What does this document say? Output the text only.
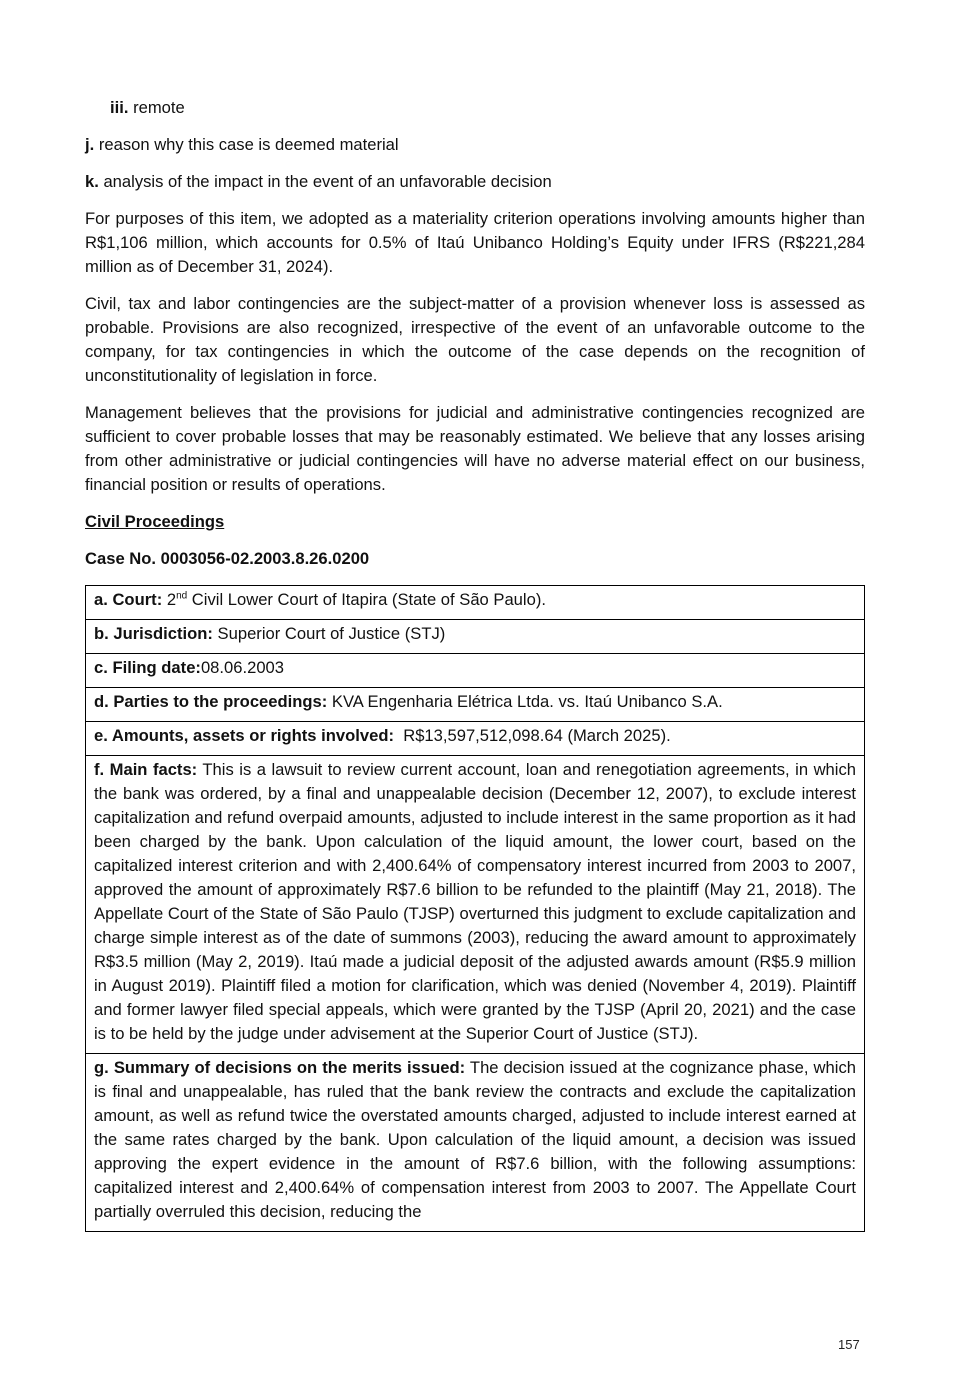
iii. remote

j. reason why this case is deemed material

k. analysis of the impact in the event of an unfavorable decision

For purposes of this item, we adopted as a materiality criterion operations involving amounts higher than R$1,106 million, which accounts for 0.5% of Itaú Unibanco Holding’s Equity under IFRS (R$221,284 million as of December 31, 2024).

Civil, tax and labor contingencies are the subject-matter of a provision whenever loss is assessed as probable. Provisions are also recognized, irrespective of the event of an unfavorable outcome to the company, for tax contingencies in which the outcome of the case depends on the recognition of unconstitutionality of legislation in force.

Management believes that the provisions for judicial and administrative contingencies recognized are sufficient to cover probable losses that may be reasonably estimated. We believe that any losses arising from other administrative or judicial contingencies will have no adverse material effect on our business, financial position or results of operations.

Civil Proceedings
Case No. 0003056-02.2003.8.26.0200
a. Court: 2nd Civil Lower Court of Itapira (State of São Paulo).
b. Jurisdiction: Superior Court of Justice (STJ)
c. Filing date:08.06.2003
d. Parties to the proceedings: KVA Engenharia Elétrica Ltda. vs. Itaú Unibanco S.A.
e. Amounts, assets or rights involved:  R$13,597,512,098.64 (March 2025).
f. Main facts: This is a lawsuit to review current account, loan and renegotiation agreements, in which the bank was ordered, by a final and unappealable decision (December 12, 2007), to exclude interest capitalization and refund overpaid amounts, adjusted to include interest in the same proportion as it had been charged by the bank. Upon calculation of the liquid amount, the lower court, based on the capitalized interest criterion and with 2,400.64% of compensatory interest incurred from 2003 to 2007, approved the amount of approximately R$7.6 billion to be refunded to the plaintiff (May 21, 2018). The Appellate Court of the State of São Paulo (TJSP) overturned this judgment to exclude capitalization and charge simple interest as of the date of summons (2003), reducing the award amount to approximately R$3.5 million (May 2, 2019). Itaú made a judicial deposit of the adjusted awards amount (R$5.9 million in August 2019). Plaintiff filed a motion for clarification, which was denied (November 4, 2019). Plaintiff and former lawyer filed special appeals, which were granted by the TJSP (April 20, 2021) and the case is to be held by the judge under advisement at the Superior Court of Justice (STJ).
g. Summary of decisions on the merits issued: The decision issued at the cognizance phase, which is final and unappealable, has ruled that the bank review the contracts and exclude the capitalization amount, as well as refund twice the overstated amounts charged, adjusted to include interest earned at the same rates charged by the bank. Upon calculation of the liquid amount, a decision was issued approving the expert evidence in the amount of R$7.6 billion, with the following assumptions: capitalized interest and 2,400.64% of compensation interest from 2003 to 2007. The Appellate Court partially overruled this decision, reducing the
157
